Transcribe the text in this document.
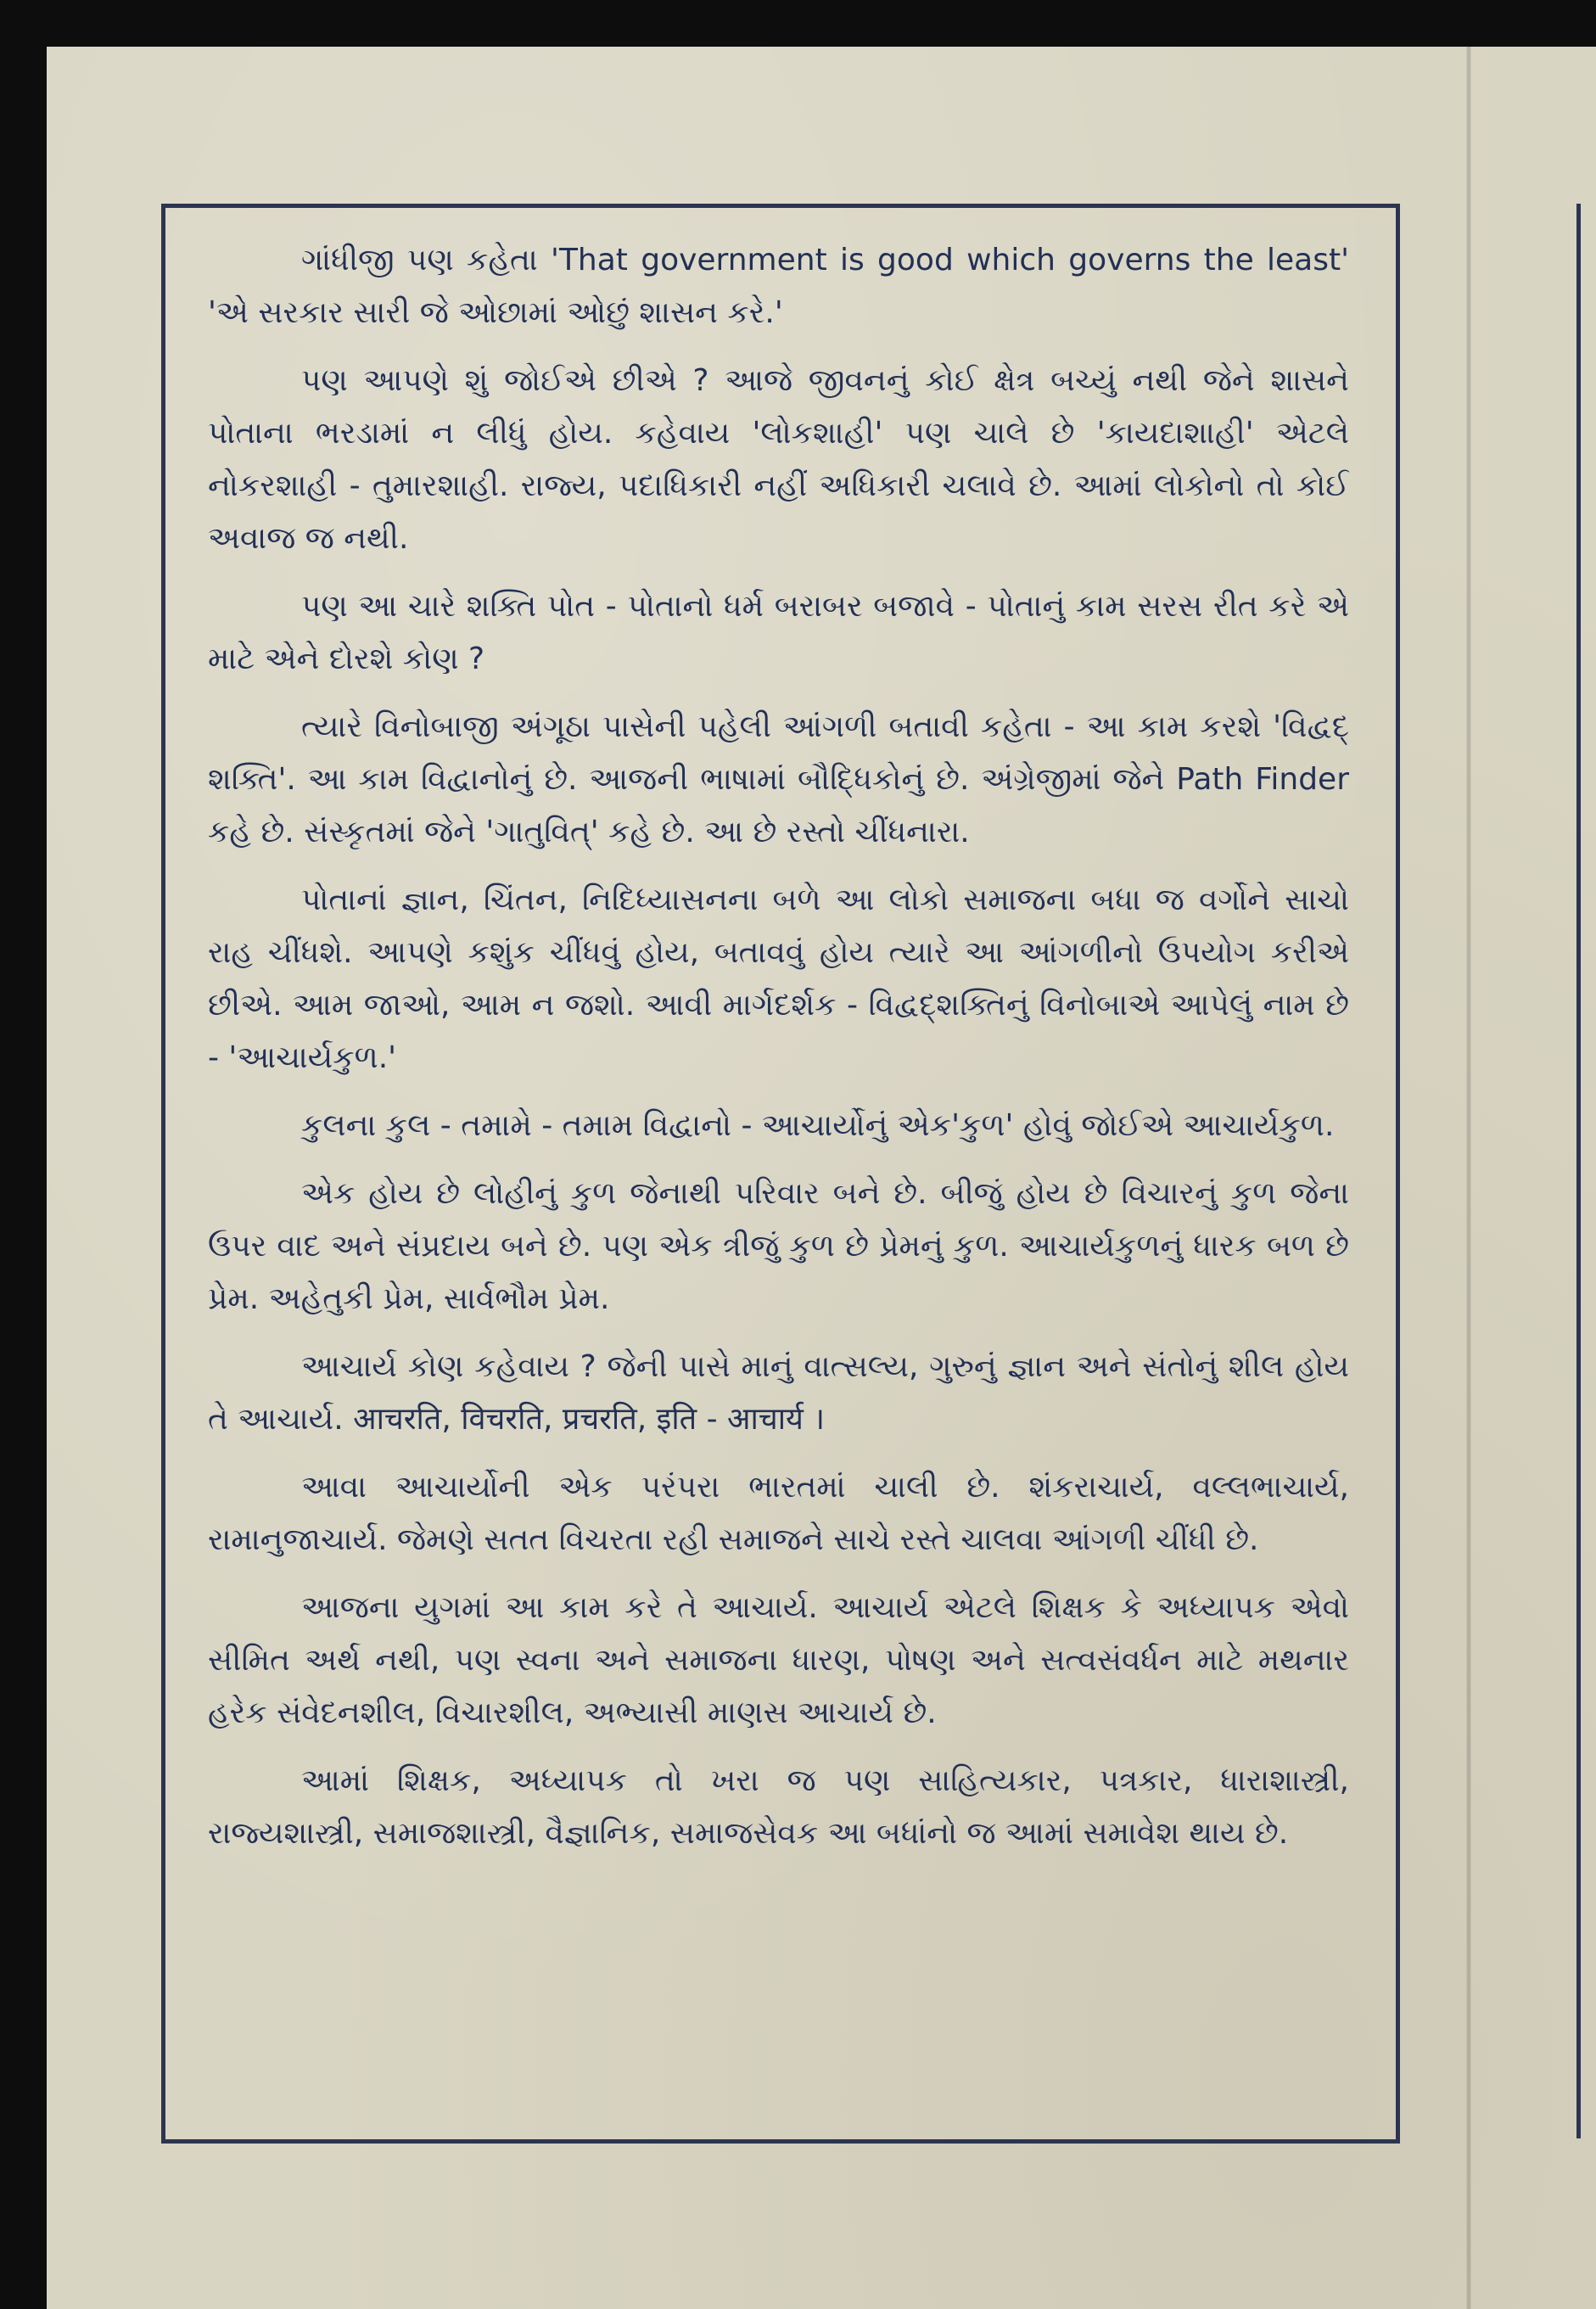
ગાંધીજી પણ કહેતા 'That government is good which governs the least' 'એ સરકાર સારી જે ઓછામાં ઓછું શાસન કરે.'

પણ આપણે શું જોઈએ છીએ ? આજે જીવનનું કોઈ ક્ષેત્ર બચ્યું નથી જેને શાસને પોતાના ભરડામાં ન લીધું હોય. કહેવાય 'લોકશાહી' પણ ચાલે છે 'કાયદાશાહી' એટલે નોકરશાહી - તુમારશાહી. રાજ્ય, પદાધિકારી નહીં અધિકારી ચલાવે છે. આમાં લોકોનો તો કોઈ અવાજ જ નથી.

પણ આ ચારે શક્તિ પોત - પોતાનો ધર્મ બરાબર બજાવે - પોતાનું કામ સરસ રીત કરે એ માટે એને દોરશે કોણ ?

ત્યારે વિનોબાજી અંગૂઠા પાસેની પહેલી આંગળી બતાવી કહેતા - આ કામ કરશે 'વિદ્વદ્ શક્તિ'. આ કામ વિદ્વાનોનું છે. આજની ભાષામાં બૌદ્ધિકોનું છે. અંગ્રેજીમાં જેને Path Finder કહે છે. સંસ્કૃતમાં જેને 'ગાતુવિત્' કહે છે. આ છે રસ્તો ચીંધનારા.

પોતાનાં જ્ઞાન, ચિંતન, નિદિધ્યાસનના બળે આ લોકો સમાજના બધા જ વર્ગોને સાચો રાહ ચીંધશે. આપણે કશુંક ચીંધવું હોય, બતાવવું હોય ત્યારે આ આંગળીનો ઉપયોગ કરીએ છીએ. આમ જાઓ, આમ ન જશો. આવી માર્ગદર્શક - વિદ્વદ્શક્તિનું વિનોબાએ આપેલું નામ છે - 'આચાર્યકુળ.'

કુલના કુલ - તમામે - તમામ વિદ્વાનો - આચાર્યોનું એક'કુળ' હોવું જોઈએ આચાર્યકુળ.

એક હોય છે લોહીનું કુળ જેનાથી પરિવાર બને છે. બીજું હોય છે વિચારનું કુળ જેના ઉપર વાદ અને સંપ્રદાય બને છે. પણ એક ત્રીજું કુળ છે પ્રેમનું કુળ. આચાર્યકુળનું ધારક બળ છે પ્રેમ. અહેતુકી પ્રેમ, સાર્વભૌમ પ્રેમ.

આચાર્ય કોણ કહેવાય ? જેની પાસે માનું વાત્સલ્ય, ગુરુનું જ્ઞાન અને સંતોનું શીલ હોય તે આચાર્ય. आचरति, विचरति, प्रचरति, इति - आचार्य ।

આવા આચાર્યોની એક પરંપરા ભારતમાં ચાલી છે. શંકરાચાર્ય, વલ્લભાચાર્ય, રામાનુજાચાર્ય. જેમણે સતત વિચરતા રહી સમાજને સાચે રસ્તે ચાલવા આંગળી ચીંધી છે.

આજના યુગમાં આ કામ કરે તે આચાર્ય. આચાર્ય એટલે શિક્ષક કે અધ્યાપક એવો સીમિત અર્થ નથી, પણ સ્વના અને સમાજના ધારણ, પોષણ અને સત્વસંવર્ધન માટે મથનાર હરેક સંવેદનશીલ, વિચારશીલ, અભ્યાસી માણસ આચાર્ય છે.

આમાં શિક્ષક, અધ્યાપક તો ખરા જ પણ સાહિત્યકાર, પત્રકાર, ધારાશાસ્ત્રી, રાજ્યશાસ્ત્રી, સમાજશાસ્ત્રી, વૈજ્ઞાનિક, સમાજસેવક આ બધાંનો જ આમાં સમાવેશ થાય છે.
